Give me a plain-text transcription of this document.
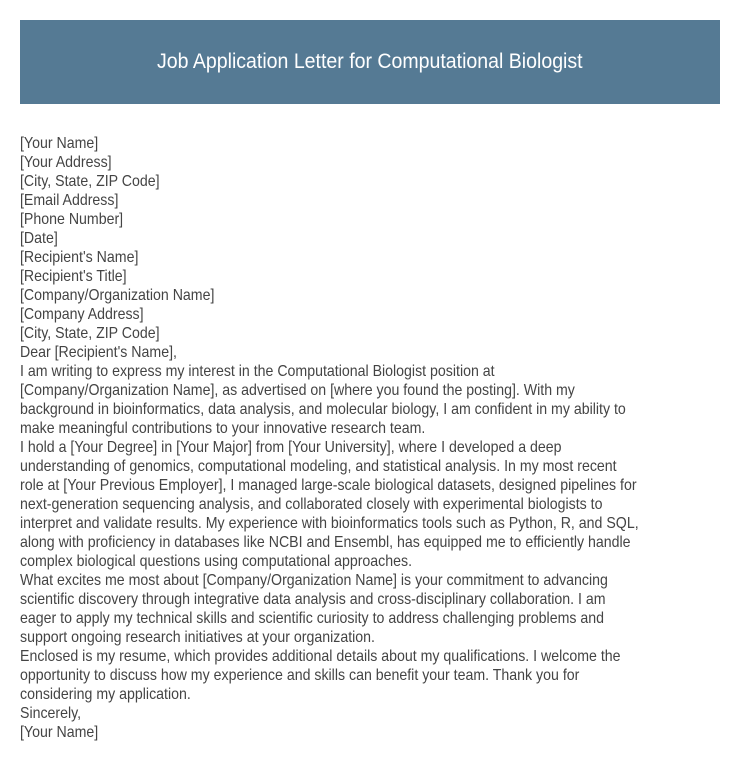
Job Application Letter for Computational Biologist
[Your Name]
[Your Address]
[City, State, ZIP Code]
[Email Address]
[Phone Number]
[Date]
[Recipient's Name]
[Recipient's Title]
[Company/Organization Name]
[Company Address]
[City, State, ZIP Code]
Dear [Recipient's Name],
I am writing to express my interest in the Computational Biologist position at
[Company/Organization Name], as advertised on [where you found the posting]. With my
background in bioinformatics, data analysis, and molecular biology, I am confident in my ability to
make meaningful contributions to your innovative research team.
I hold a [Your Degree] in [Your Major] from [Your University], where I developed a deep
understanding of genomics, computational modeling, and statistical analysis. In my most recent
role at [Your Previous Employer], I managed large-scale biological datasets, designed pipelines for
next-generation sequencing analysis, and collaborated closely with experimental biologists to
interpret and validate results. My experience with bioinformatics tools such as Python, R, and SQL,
along with proficiency in databases like NCBI and Ensembl, has equipped me to efficiently handle
complex biological questions using computational approaches.
What excites me most about [Company/Organization Name] is your commitment to advancing
scientific discovery through integrative data analysis and cross-disciplinary collaboration. I am
eager to apply my technical skills and scientific curiosity to address challenging problems and
support ongoing research initiatives at your organization.
Enclosed is my resume, which provides additional details about my qualifications. I welcome the
opportunity to discuss how my experience and skills can benefit your team. Thank you for
considering my application.
Sincerely,
[Your Name]
